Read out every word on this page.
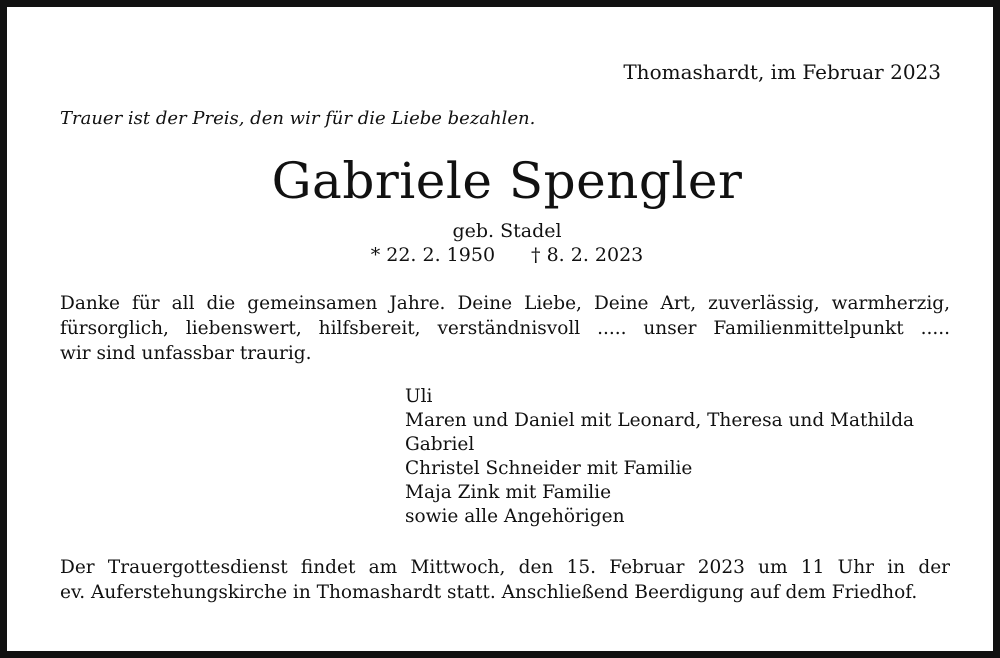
Thomashardt, im Februar 2023
Trauer ist der Preis, den wir für die Liebe bezahlen.
Gabriele Spengler
geb. Stadel
* 22. 2. 1950 † 8. 2. 2023
Danke für all die gemeinsamen Jahre. Deine Liebe, Deine Art, zuverlässig, warmherzig,
fürsorglich, liebenswert, hilfsbereit, verständnisvoll ..... unser Familienmittelpunkt .....
wir sind unfassbar traurig.
Uli
Maren und Daniel mit Leonard, Theresa und Mathilda
Gabriel
Christel Schneider mit Familie
Maja Zink mit Familie
sowie alle Angehörigen
Der Trauergottesdienst findet am Mittwoch, den 15. Februar 2023 um 11 Uhr in der
ev. Auferstehungskirche in Thomashardt statt. Anschließend Beerdigung auf dem Friedhof.
